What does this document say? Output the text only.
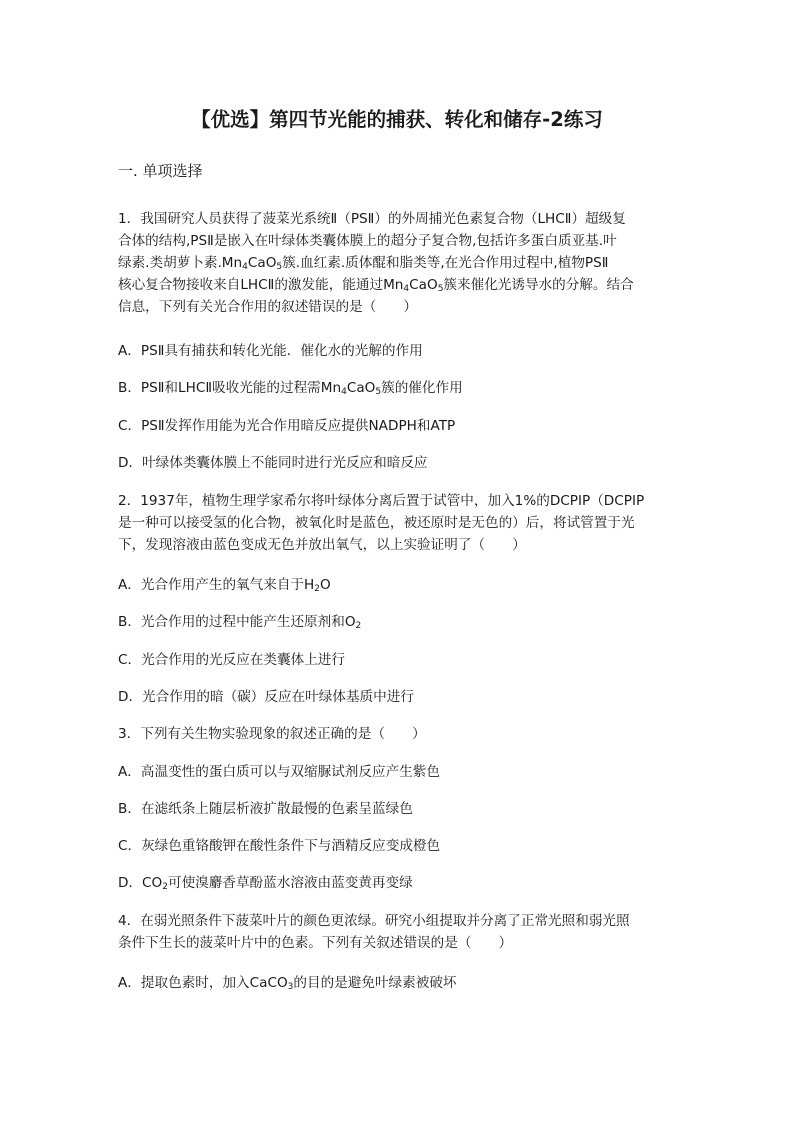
【优选】第四节光能的捕获、转化和储存-2练习
一. 单项选择
1．我国研究人员获得了菠菜光系统Ⅱ（PSⅡ）的外周捕光色素复合物（LHCⅡ）超级复
合体的结构,PSⅡ是嵌入在叶绿体类囊体膜上的超分子复合物,包括许多蛋白质亚基.叶
绿素.类胡萝卜素$.Mn_4CaO_5$簇.血红素.质体醌和脂类等,在光合作用过程中,植物PSⅡ
核心复合物接收来自LHCⅡ的激发能，能通过$Mn_4CaO_5$簇来催化光诱导水的分解。结合
信息，下列有关光合作用的叙述错误的是（　　）
A．PSⅡ具有捕获和转化光能．催化水的光解的作用
B．PSⅡ和LHCⅡ吸收光能的过程需$Mn_4CaO_5$簇的催化作用
C．PSⅡ发挥作用能为光合作用暗反应提供NADPH和ATP
D．叶绿体类囊体膜上不能同时进行光反应和暗反应
2．1937年，植物生理学家希尔将叶绿体分离后置于试管中，加入1%的DCPIP（DCPIP
是一种可以接受氢的化合物，被氧化时是蓝色，被还原时是无色的）后，将试管置于光
下，发现溶液由蓝色变成无色并放出氧气，以上实验证明了（　　）
A．光合作用产生的氧气来自于$H_2O$
B．光合作用的过程中能产生还原剂和$O_2$
C．光合作用的光反应在类囊体上进行
D．光合作用的暗（碳）反应在叶绿体基质中进行
3．下列有关生物实验现象的叙述正确的是（　　）
A．高温变性的蛋白质可以与双缩脲试剂反应产生紫色
B．在滤纸条上随层析液扩散最慢的色素呈蓝绿色
C．灰绿色重铬酸钾在酸性条件下与酒精反应变成橙色
D．$CO_2$可使溴麝香草酚蓝水溶液由蓝变黄再变绿
4．在弱光照条件下菠菜叶片的颜色更浓绿。研究小组提取并分离了正常光照和弱光照
条件下生长的菠菜叶片中的色素。下列有关叙述错误的是（　　）
A．提取色素时，加入CaCO$_3$的目的是避免叶绿素被破坏
